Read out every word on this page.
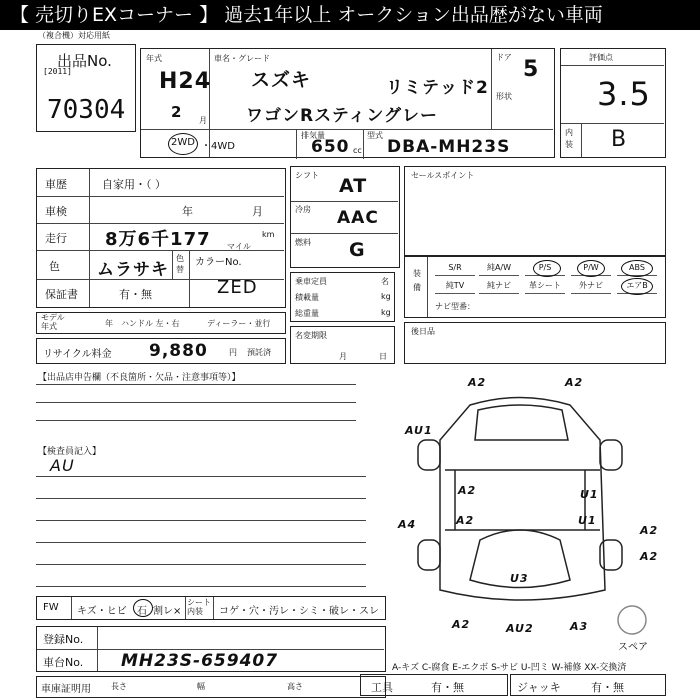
【 売切りEXコーナー 】 過去1年以上 オークション出品歴がない車両
（複合機）対応用紙
出品No.
[2011]
70304
年式
H24
2 月
車名・グレード
スズキ	リミテッド2
ワゴンRスティングレー
ドア 5
形状
2WD ・4WD
排気量
650 cc
型式
DBA-MH23S
評価点
3.5
内装 B
車歴	自家用・（ ）
車検	年	月
走行 8万6千177 マイル
km
色 ムラサキ
色替
カラーNo.
ZED
保証書	有・無
モデル年式	年 ハンドル 左・右	ディーラー・並行
リサイクル料金 9,880	円 預託済
シフト AT
冷房 AAC
燃料 G
乗車定員	名
積載量	kg
総重量	kg
名変期限
月	日
セールスポイント
装備
S/R	純A/W	P/S	P/W	ABS
純TV	純ナビ	革シート	外ナビ	エアB
ナビ型番：
後日品
【出品店申告欄（不良箇所・欠品・注意事項等）】
【検査員記入】
AU
A2	A2
AU1
A2
A2
U1
A2
U1
A4
A2
U3
A2	AU2	A3
スペア
FW キズ・ヒビ 石 割レ×
シート内装	コゲ・穴・汚レ・シミ・破レ・スレ
登録No.
車台No. MH23S-659407
車庫証明用	長さ	幅	高さ
A-キズ C-腐食 E-エクボ S-サビ U-凹ミ W-補修 XX-交換済
工具	有・無	ジャッキ	有・無
